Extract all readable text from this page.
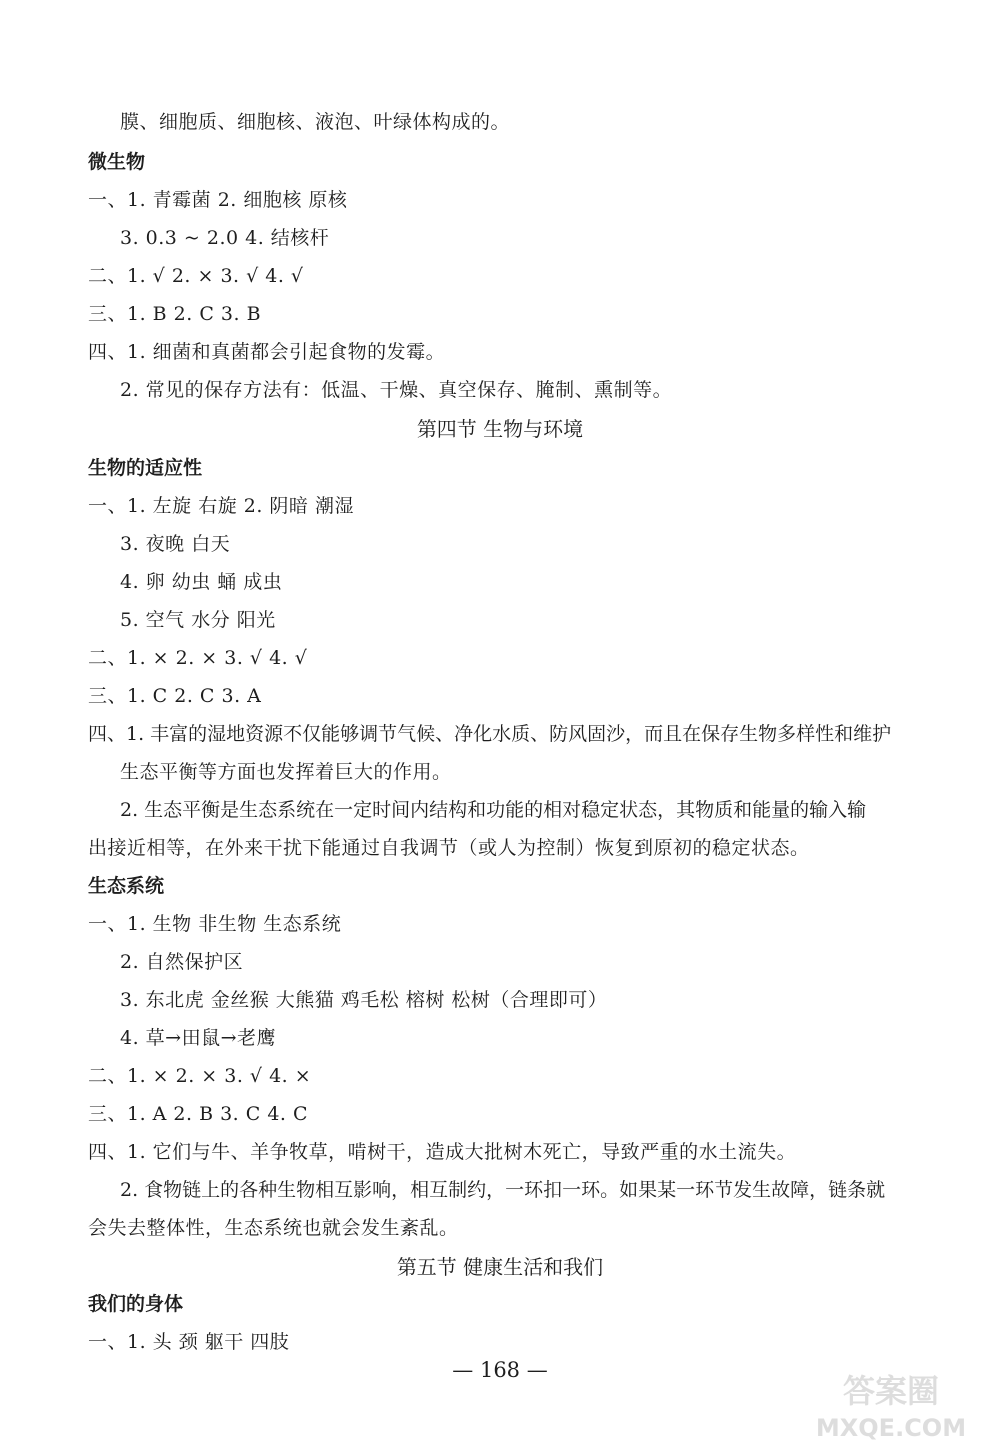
膜、细胞质、细胞核、液泡、叶绿体构成的。
微生物
一、1. 青霉菌 2. 细胞核 原核
3. 0.3 ~ 2.0 4. 结核杆
二、1. √ 2. × 3. √ 4. √
三、1. B 2. C 3. B
四、1. 细菌和真菌都会引起食物的发霉。
2. 常见的保存方法有：低温、干燥、真空保存、腌制、熏制等。
第四节 生物与环境
生物的适应性
一、1. 左旋 右旋 2. 阴暗 潮湿
3. 夜晚 白天
4. 卵 幼虫 蛹 成虫
5. 空气 水分 阳光
二、1. × 2. × 3. √ 4. √
三、1. C 2. C 3. A
四、1. 丰富的湿地资源不仅能够调节气候、净化水质、防风固沙，而且在保存生物多样性和维护
生态平衡等方面也发挥着巨大的作用。
2. 生态平衡是生态系统在一定时间内结构和功能的相对稳定状态，其物质和能量的输入输
出接近相等，在外来干扰下能通过自我调节（或人为控制）恢复到原初的稳定状态。
生态系统
一、1. 生物 非生物 生态系统
2. 自然保护区
3. 东北虎 金丝猴 大熊猫 鸡毛松 榕树 松树（合理即可）
4. 草→田鼠→老鹰
二、1. × 2. × 3. √ 4. ×
三、1. A 2. B 3. C 4. C
四、1. 它们与牛、羊争牧草，啃树干，造成大批树木死亡，导致严重的水土流失。
2. 食物链上的各种生物相互影响，相互制约，一环扣一环。如果某一环节发生故障，链条就
会失去整体性，生态系统也就会发生紊乱。
第五节 健康生活和我们
我们的身体
一、1. 头 颈 躯干 四肢
— 168 —
答案圈
MXQE.COM
